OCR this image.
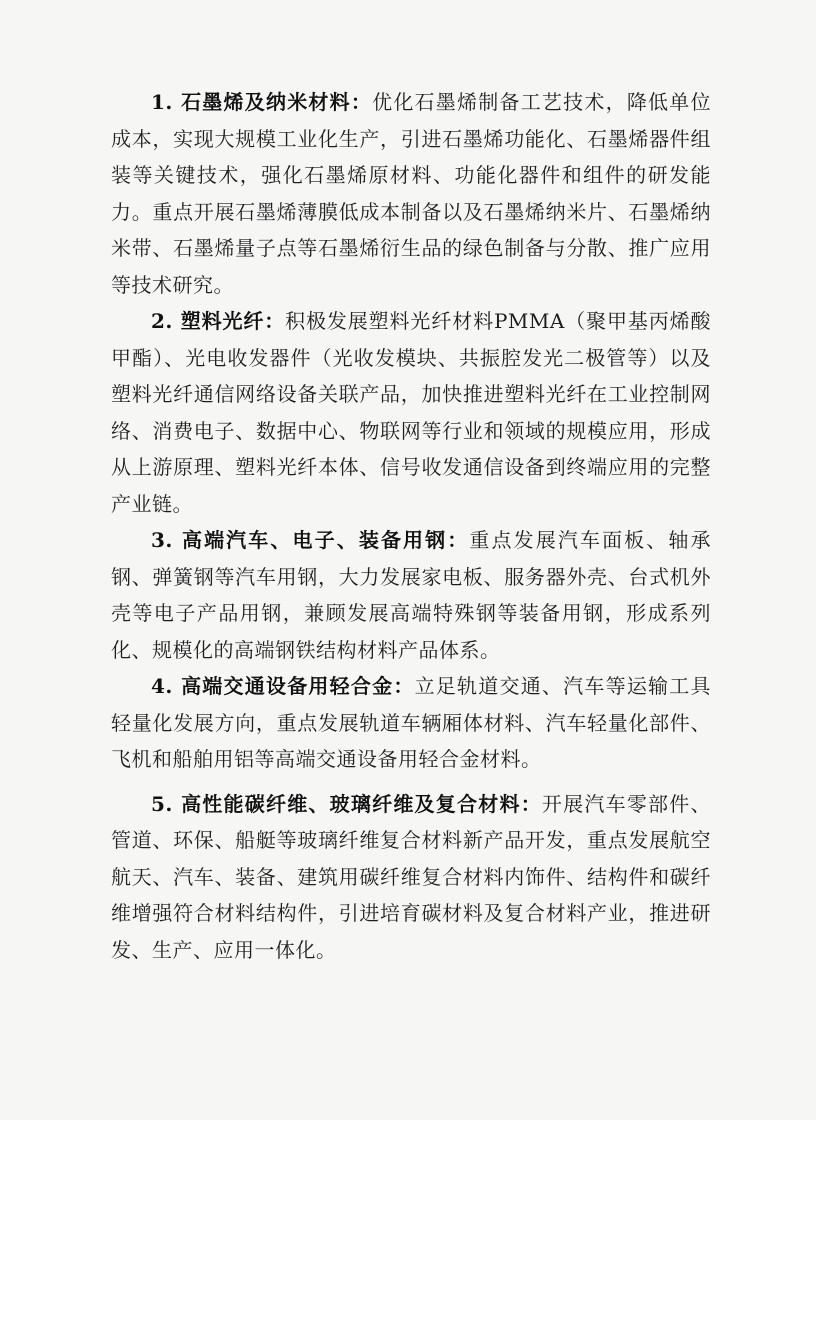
1. 石墨烯及纳米材料：优化石墨烯制备工艺技术，降低单位成本，实现大规模工业化生产，引进石墨烯功能化、石墨烯器件组装等关键技术，强化石墨烯原材料、功能化器件和组件的研发能力。重点开展石墨烯薄膜低成本制备以及石墨烯纳米片、石墨烯纳米带、石墨烯量子点等石墨烯衍生品的绿色制备与分散、推广应用等技术研究。

2. 塑料光纤：积极发展塑料光纤材料PMMA（聚甲基丙烯酸甲酯）、光电收发器件（光收发模块、共振腔发光二极管等）以及塑料光纤通信网络设备关联产品，加快推进塑料光纤在工业控制网络、消费电子、数据中心、物联网等行业和领域的规模应用，形成从上游原理、塑料光纤本体、信号收发通信设备到终端应用的完整产业链。

3. 高端汽车、电子、装备用钢：重点发展汽车面板、轴承钢、弹簧钢等汽车用钢，大力发展家电板、服务器外壳、台式机外壳等电子产品用钢，兼顾发展高端特殊钢等装备用钢，形成系列化、规模化的高端钢铁结构材料产品体系。

4. 高端交通设备用轻合金：立足轨道交通、汽车等运输工具轻量化发展方向，重点发展轨道车辆厢体材料、汽车轻量化部件、飞机和船舶用铝等高端交通设备用轻合金材料。

5. 高性能碳纤维、玻璃纤维及复合材料：开展汽车零部件、管道、环保、船艇等玻璃纤维复合材料新产品开发，重点发展航空航天、汽车、装备、建筑用碳纤维复合材料内饰件、结构件和碳纤维增强符合材料结构件，引进培育碳材料及复合材料产业，推进研发、生产、应用一体化。
